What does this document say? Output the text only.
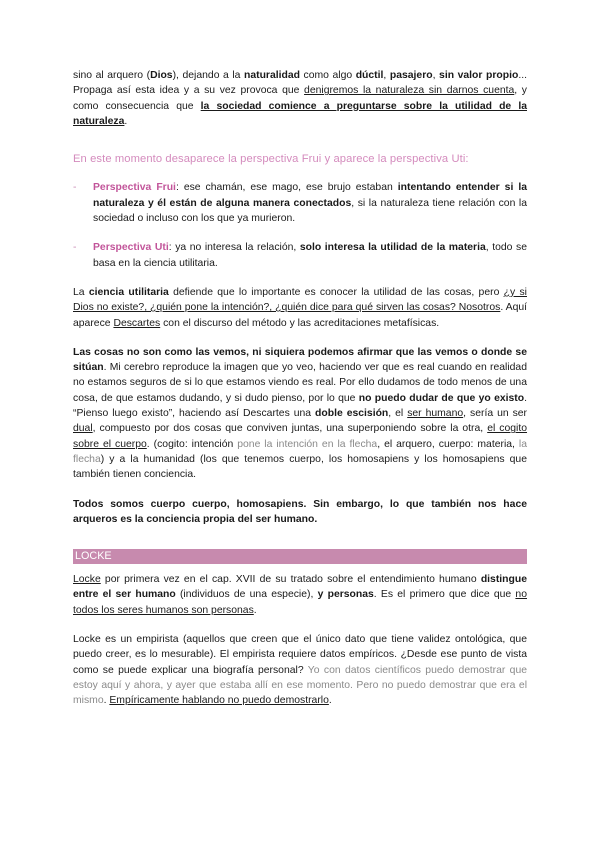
sino al arquero (Dios), dejando a la naturalidad como algo dúctil, pasajero, sin valor propio... Propaga así esta idea y a su vez provoca que denigremos la naturaleza sin darnos cuenta, y como consecuencia que la sociedad comience a preguntarse sobre la utilidad de la naturaleza.

En este momento desaparece la perspectiva Frui y aparece la perspectiva Uti:

-	Perspectiva Frui: ese chamán, ese mago, ese brujo estaban intentando entender si la naturaleza y él están de alguna manera conectados, si la naturaleza tiene relación con la sociedad o incluso con los que ya murieron.
-	Perspectiva Uti: ya no interesa la relación, solo interesa la utilidad de la materia, todo se basa en la ciencia utilitaria.

La ciencia utilitaria defiende que lo importante es conocer la utilidad de las cosas, pero ¿y si Dios no existe?, ¿quién pone la intención?, ¿quién dice para qué sirven las cosas? Nosotros. Aquí aparece Descartes con el discurso del método y las acreditaciones metafísicas.

Las cosas no son como las vemos, ni siquiera podemos afirmar que las vemos o donde se sitúan. Mi cerebro reproduce la imagen que yo veo, haciendo ver que es real cuando en realidad no estamos seguros de si lo que estamos viendo es real. Por ello dudamos de todo menos de una cosa, de que estamos dudando, y si dudo pienso, por lo que no puedo dudar de que yo existo. “Pienso luego existo”, haciendo así Descartes una doble escisión, el ser humano, sería un ser dual, compuesto por dos cosas que conviven juntas, una superponiendo sobre la otra, el cogito sobre el cuerpo. (cogito: intención pone la intención en la flecha, el arquero, cuerpo: materia, la flecha) y a la humanidad (los que tenemos cuerpo, los homosapiens y los homosapiens que también tienen conciencia.

Todos somos cuerpo cuerpo, homosapiens. Sin embargo, lo que también nos hace arqueros es la conciencia propia del ser humano.

LOCKE

Locke por primera vez en el cap. XVII de su tratado sobre el entendimiento humano distingue entre el ser humano (individuos de una especie), y personas. Es el primero que dice que no todos los seres humanos son personas.

Locke es un empirista (aquellos que creen que el único dato que tiene validez ontológica, que puedo creer, es lo mesurable). El empirista requiere datos empíricos. ¿Desde ese punto de vista como se puede explicar una biografía personal? Yo con datos científicos puedo demostrar que estoy aquí y ahora, y ayer que estaba allí en ese momento. Pero no puedo demostrar que era el mismo. Empíricamente hablando no puedo demostrarlo.
